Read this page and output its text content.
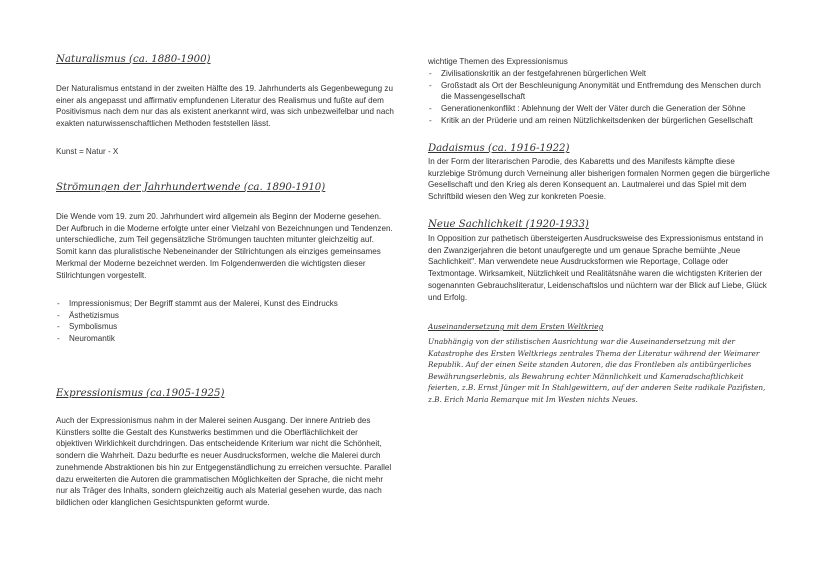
Naturalismus (ca. 1880-1900)

Der Naturalismus entstand in der zweiten Hälfte des 19. Jahrhunderts als Gegenbewegung zu einer als angepasst und affirmativ empfundenen Literatur des Realismus und fußte auf dem Positivismus nach dem nur das als existent anerkannt wird, was sich unbezweifelbar und nach exakten naturwissenschaftlichen Methoden feststellen lässt.

Kunst = Natur - X

Strömungen der Jahrhundertwende (ca. 1890-1910)

Die Wende vom 19. zum 20. Jahrhundert wird allgemein als Beginn der Moderne gesehen. Der Aufbruch in die Moderne erfolgte unter einer Vielzahl von Bezeichnungen und Tendenzen. unterschiedliche, zum Teil gegensätzliche Strömungen tauchten mitunter gleichzeitig auf. Somit kann das pluralistische Nebeneinander der Stilrichtungen als einziges gemeinsames Merkmal der Moderne bezeichnet werden. Im Folgendenwerden die wichtigsten dieser Stilrichtungen vorgestellt.

- Impressionismus; Der Begriff stammt aus der Malerei, Kunst des Eindrucks
- Ästhetizismus
- Symbolismus
- Neuromantik
Expressionismus (ca.1905-1925)

Auch der Expressionismus nahm in der Malerei seinen Ausgang. Der innere Antrieb des Künstlers sollte die Gestalt des Kunstwerks bestimmen und die Oberflächlichkeit der objektiven Wirklichkeit durchdringen. Das entscheidende Kriterium war nicht die Schönheit, sondern die Wahrheit. Dazu bedurfte es neuer Ausdrucksformen, welche die Malerei durch zunehmende Abstraktionen bis hin zur Entgegenständlichung zu erreichen versuchte. Parallel dazu erweiterten die Autoren die grammatischen Möglichkeiten der Sprache, die nicht mehr nur als Träger des Inhalts, sondern gleichzeitig auch als Material gesehen wurde, das nach bildlichen oder klanglichen Gesichtspunkten geformt wurde.

wichtige Themen des Expressionismus

- Zivilisationskritik an der festgefahrenen bürgerlichen Welt
- Großstadt als Ort der Beschleunigung Anonymität und Entfremdung des Menschen durch die Massengesellschaft
- Generationenkonflikt : Ablehnung der Welt der Väter durch die Generation der Söhne
- Kritik an der Prüderie und am reinen Nützlichkeitsdenken der bürgerlichen Gesellschaft
Dadaismus (ca. 1916-1922)

In der Form der literarischen Parodie, des Kabaretts und des Manifests kämpfte diese kurzlebige Strömung durch Verneinung aller bisherigen formalen Normen gegen die bürgerliche Gesellschaft und den Krieg als deren Konsequent an. Lautmalerei und das Spiel mit dem Schriftbild wiesen den Weg zur konkreten Poesie.

Neue Sachlichkeit (1920-1933)

In Opposition zur pathetisch übersteigerten Ausdrucksweise des Expressionismus entstand in den Zwanzigerjahren die betont unaufgeregte und um genaue Sprache bemühte „Neue Sachlichkeit". Man verwendete neue Ausdrucksformen wie Reportage, Collage oder Textmontage. Wirksamkeit, Nützlichkeit und Realitätsnähe waren die wichtigsten Kriterien der sogenannten Gebrauchsliteratur, Leidenschaftslos und nüchtern war der Blick auf Liebe, Glück und Erfolg.

Auseinandersetzung mit dem Ersten Weltkrieg

Unabhängig von der stilistischen Ausrichtung war die Auseinandersetzung mit der Katastrophe des Ersten Weltkriegs zentrales Thema der Literatur während der Weimarer Republik. Auf der einen Seite standen Autoren, die das Frontleben als antibürgerliches Bewährungserlebnis, als Bewahrung echter Männlichkeit und Kameradschaftlichkeit feierten, z.B. Ernst Jünger mit In Stahlgewittern, auf der anderen Seite radikale Pazifisten, z.B. Erich Maria Remarque mit Im Westen nichts Neues.
